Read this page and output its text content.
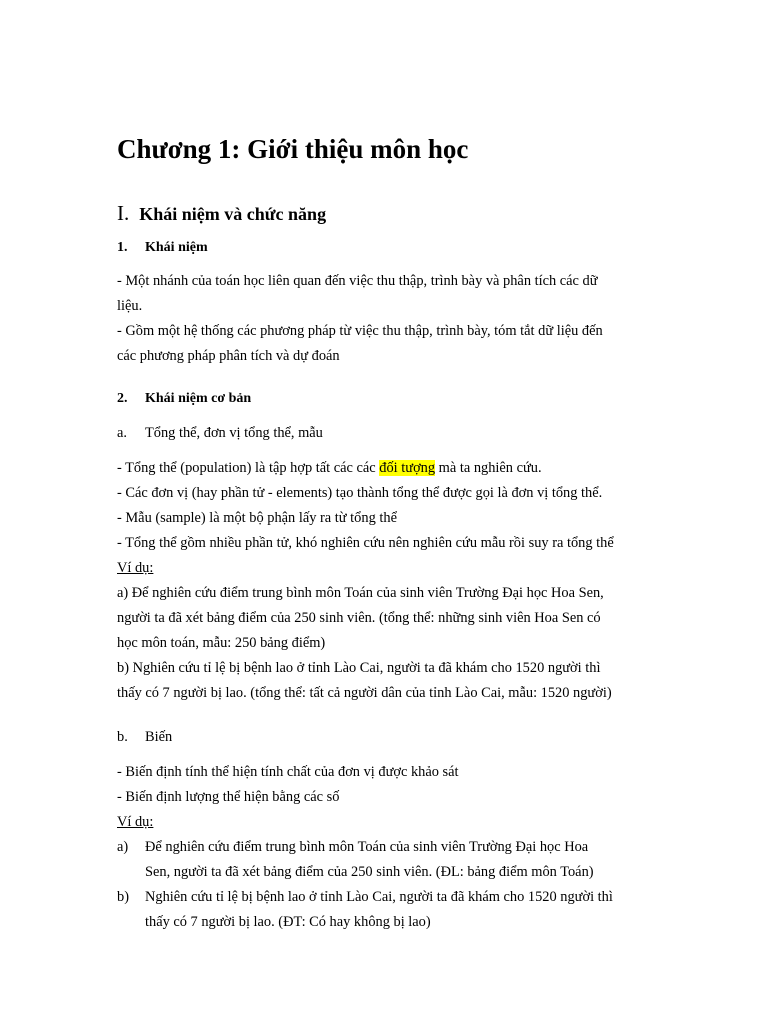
Chương 1: Giới thiệu môn học
I. Khái niệm và chức năng
1. Khái niệm
- Một nhánh của toán học liên quan đến việc thu thập, trình bày và phân tích các dữ
liệu.
- Gồm một hệ thống các phương pháp từ việc thu thập, trình bày, tóm tắt dữ liệu đến
các phương pháp phân tích và dự đoán
2. Khái niệm cơ bản
a. Tổng thể, đơn vị tổng thể, mẫu
- Tổng thể (population) là tập hợp tất các các đối tượng mà ta nghiên cứu.
- Các đơn vị (hay phần tử - elements) tạo thành tổng thể được gọi là đơn vị tổng thể.
- Mẫu (sample) là một bộ phận lấy ra từ tổng thể
- Tổng thể gồm nhiều phần tử, khó nghiên cứu nên nghiên cứu mẫu rồi suy ra tổng thể
Ví dụ:
a) Để nghiên cứu điểm trung bình môn Toán của sinh viên Trường Đại học Hoa Sen,
người ta đã xét bảng điểm của 250 sinh viên. (tổng thể: những sinh viên Hoa Sen có
học môn toán, mẫu: 250 bảng điểm)
b) Nghiên cứu tỉ lệ bị bệnh lao ở tỉnh Lào Cai, người ta đã khám cho 1520 người thì
thấy có 7 người bị lao. (tổng thể: tất cả người dân của tỉnh Lào Cai, mẫu: 1520 người)
b. Biến
- Biến định tính thể hiện tính chất của đơn vị được khảo sát
- Biến định lượng thể hiện bằng các số
Ví dụ:
a) Để nghiên cứu điểm trung bình môn Toán của sinh viên Trường Đại học Hoa
Sen, người ta đã xét bảng điểm của 250 sinh viên. (ĐL: bảng điểm môn Toán)
b) Nghiên cứu tỉ lệ bị bệnh lao ở tỉnh Lào Cai, người ta đã khám cho 1520 người thì
thấy có 7 người bị lao. (ĐT: Có hay không bị lao)
